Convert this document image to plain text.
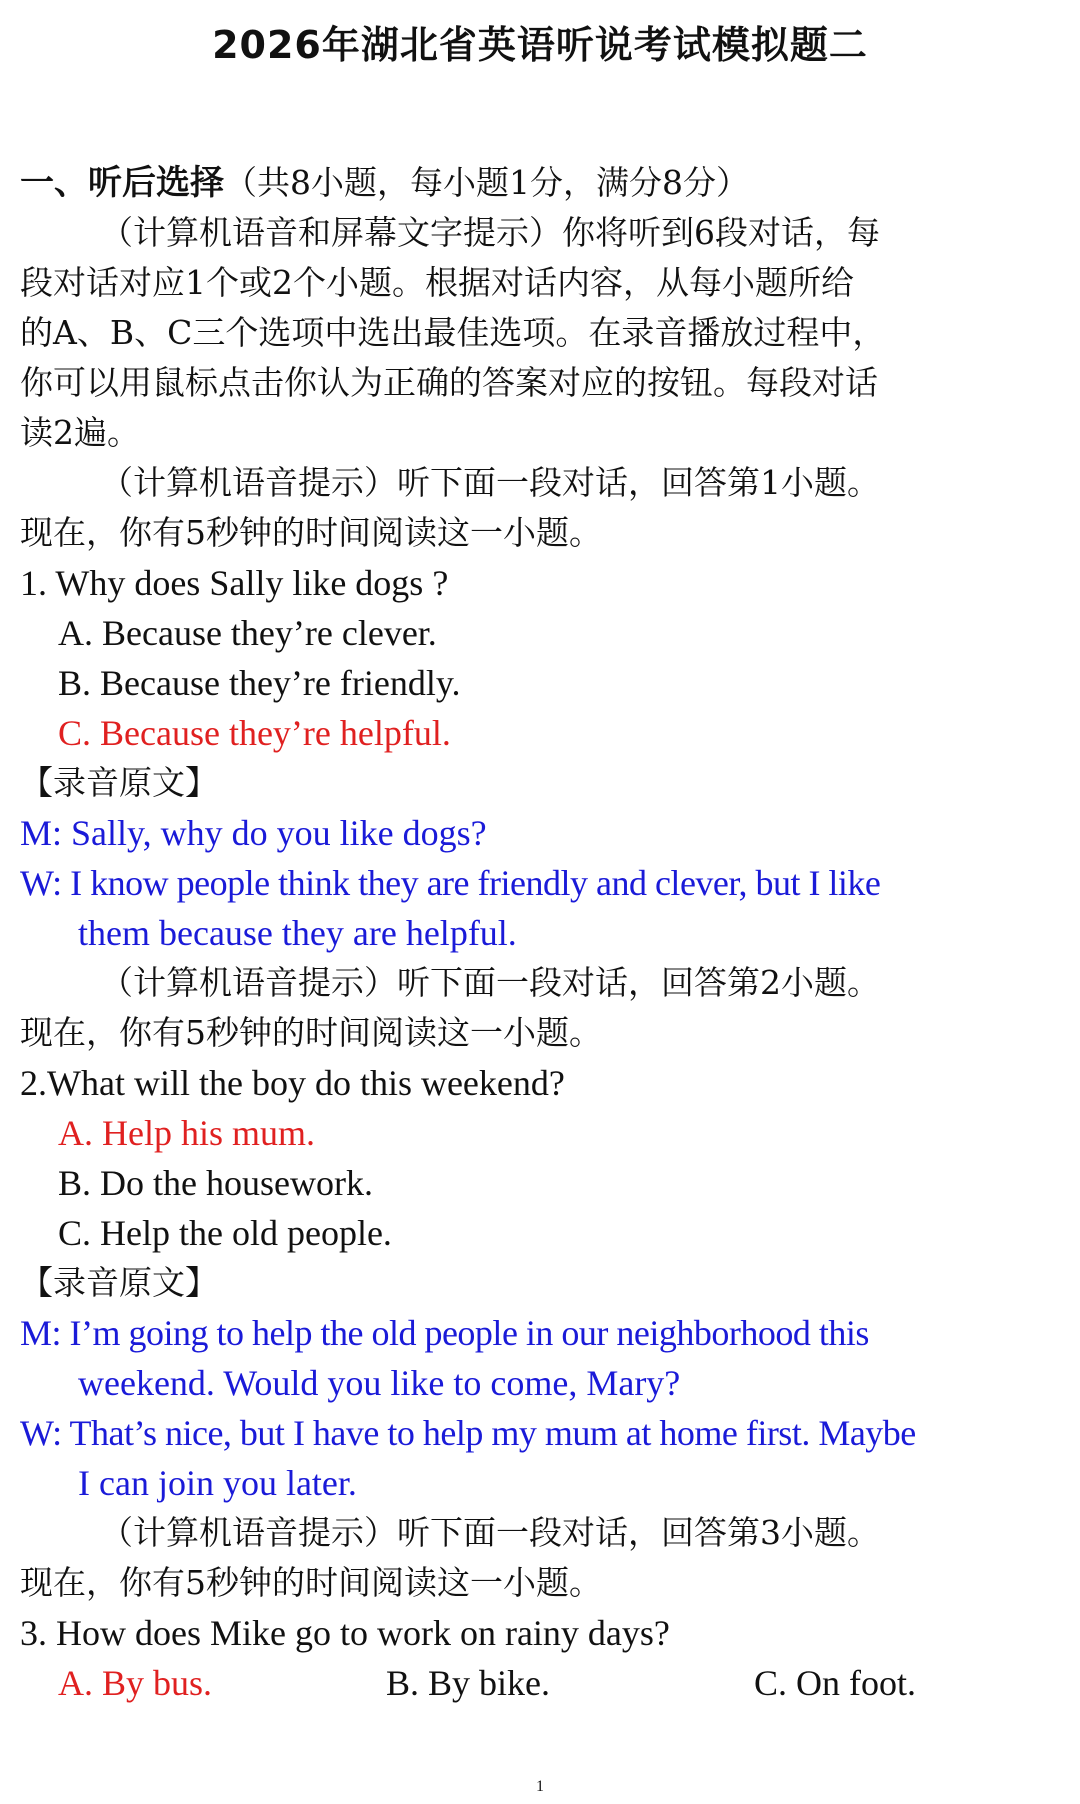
2026年湖北省英语听说考试模拟题二
一、听后选择（共8小题，每小题1分，满分8分）
（计算机语音和屏幕文字提示）你将听到6段对话，每
段对话对应1个或2个小题。根据对话内容，从每小题所给
的A、B、C三个选项中选出最佳选项。在录音播放过程中，
你可以用鼠标点击你认为正确的答案对应的按钮。每段对话
读2遍。
（计算机语音提示）听下面一段对话，回答第1小题。
现在，你有5秒钟的时间阅读这一小题。
1. Why does Sally like dogs ?
A. Because they’re clever.
B. Because they’re friendly.
C. Because they’re helpful.
【录音原文】
M: Sally, why do you like dogs?
W: I know people think they are friendly and clever, but I like
them because they are helpful.
（计算机语音提示）听下面一段对话，回答第2小题。
现在，你有5秒钟的时间阅读这一小题。
2.What will the boy do this weekend?
A. Help his mum.
B. Do the housework.
C. Help the old people.
【录音原文】
M: I’m going to help the old people in our neighborhood this
weekend. Would you like to come, Mary?
W: That’s nice, but I have to help my mum at home first. Maybe
I can join you later.
（计算机语音提示）听下面一段对话，回答第3小题。
现在，你有5秒钟的时间阅读这一小题。
3. How does Mike go to work on rainy days?
A. By bus.	B. By bike.	C. On foot.
1
